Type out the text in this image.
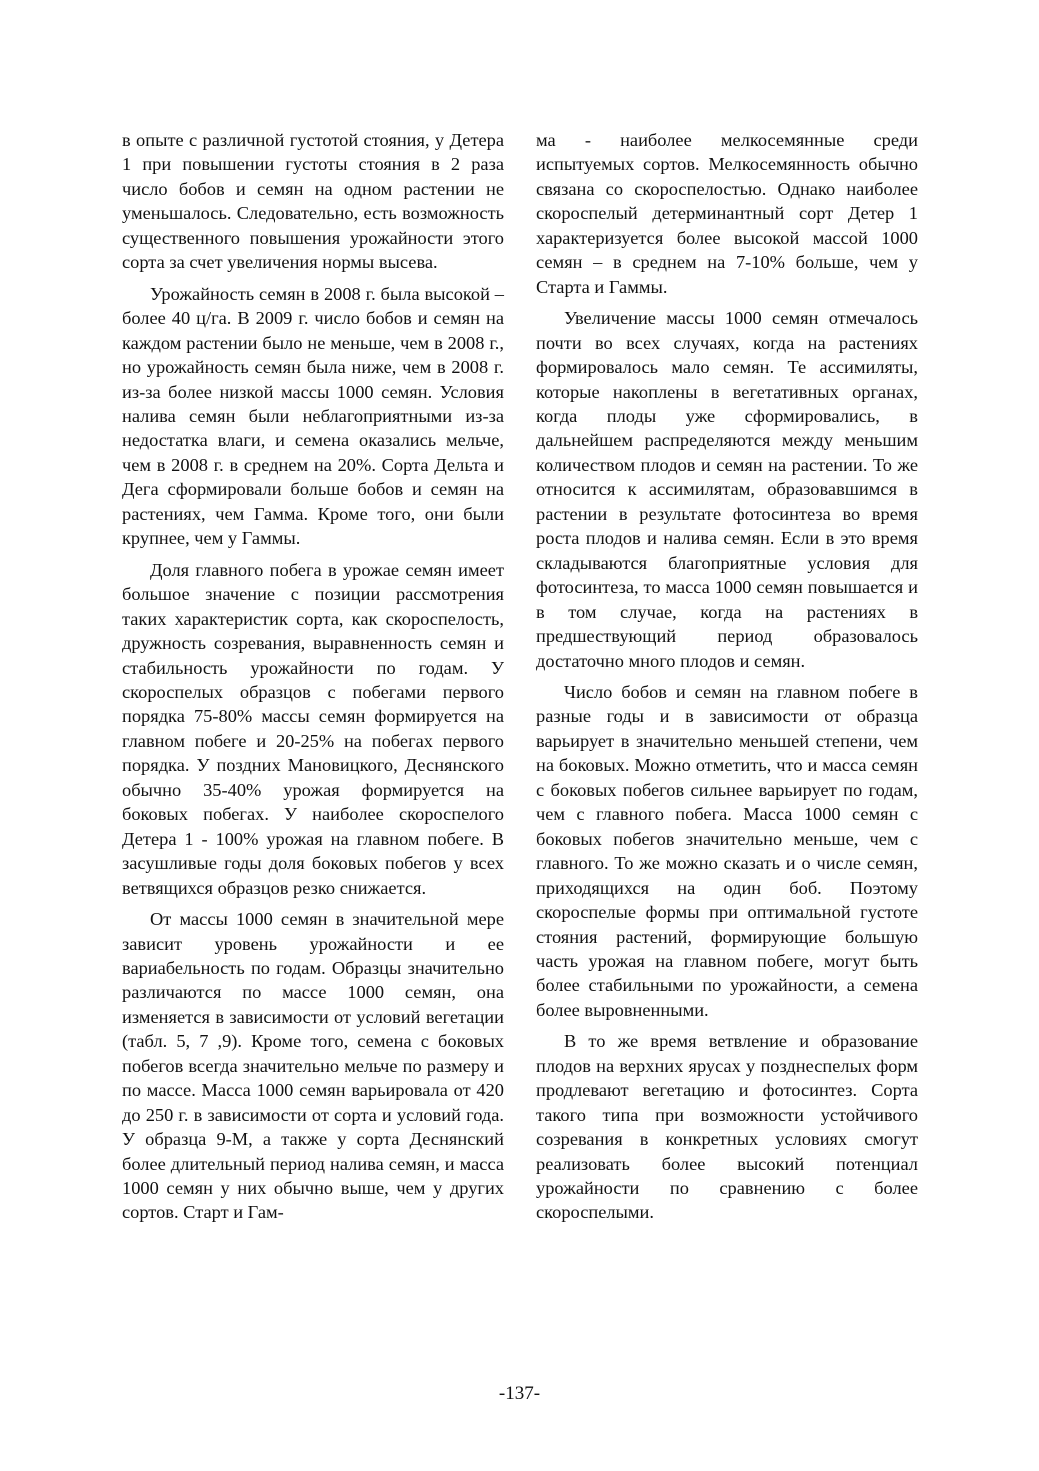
в опыте с различной густотой стояния, у Детера 1 при повышении густоты стояния в 2 раза число бобов и семян на одном растении не уменьшалось. Следовательно, есть возможность существенного повышения урожайности этого сорта за счет увеличения нормы высева.

Урожайность семян в 2008 г. была высокой – более 40 ц/га. В 2009 г. число бобов и семян на каждом растении было не меньше, чем в 2008 г., но урожайность семян была ниже, чем в 2008 г. из-за более низкой массы 1000 семян. Условия налива семян были неблагоприятными из-за недостатка влаги, и семена оказались мельче, чем в 2008 г. в среднем на 20%. Сорта Дельта и Дега сформировали больше бобов и семян на растениях, чем Гамма. Кроме того, они были крупнее, чем у Гаммы.

Доля главного побега в урожае семян имеет большое значение с позиции рассмотрения таких характеристик сорта, как скороспелость, дружность созревания, выравненность семян и стабильность урожайности по годам. У скороспелых образцов с побегами первого порядка 75-80% массы семян формируется на главном побеге и 20-25% на побегах первого порядка. У поздних Мановицкого, Деснянского обычно 35-40% урожая формируется на боковых побегах. У наиболее скороспелого Детера 1 - 100% урожая на главном побеге. В засушливые годы доля боковых побегов у всех ветвящихся образцов резко снижается.

От массы 1000 семян в значительной мере зависит уровень урожайности и ее вариабельность по годам. Образцы значительно различаются по массе 1000 семян, она изменяется в зависимости от условий вегетации (табл. 5, 7 ,9). Кроме того, семена с боковых побегов всегда значительно мельче по размеру и по массе. Масса 1000 семян варьировала от 420 до 250 г. в зависимости от сорта и условий года. У образца 9-М, а также у сорта Деснянский более длительный период налива семян, и масса 1000 семян у них обычно выше, чем у других сортов. Старт и Гам-

ма - наиболее мелкосемянные среди испытуемых сортов. Мелкосемянность обычно связана со скороспелостью. Однако наиболее скороспелый детерминантный сорт Детер 1 характеризуется более высокой массой 1000 семян – в среднем на 7-10% больше, чем у Старта и Гаммы.

Увеличение массы 1000 семян отмечалось почти во всех случаях, когда на растениях формировалось мало семян. Те ассимиляты, которые накоплены в вегетативных органах, когда плоды уже сформировались, в дальнейшем распределяются между меньшим количеством плодов и семян на растении. То же относится к ассимилятам, образовавшимся в растении в результате фотосинтеза во время роста плодов и налива семян. Если в это время складываются благоприятные условия для фотосинтеза, то масса 1000 семян повышается и в том случае, когда на растениях в предшествующий период образовалось достаточно много плодов и семян.

Число бобов и семян на главном побеге в разные годы и в зависимости от образца варьирует в значительно меньшей степени, чем на боковых. Можно отметить, что и масса семян с боковых побегов сильнее варьирует по годам, чем с главного побега. Масса 1000 семян с боковых побегов значительно меньше, чем с главного. То же можно сказать и о числе семян, приходящихся на один боб. Поэтому скороспелые формы при оптимальной густоте стояния растений, формирующие большую часть урожая на главном побеге, могут быть более стабильными по урожайности, а семена более выровненными.

В то же время ветвление и образование плодов на верхних ярусах у позднеспелых форм продлевают вегетацию и фотосинтез. Сорта такого типа при возможности устойчивого созревания в конкретных условиях смогут реализовать более высокий потенциал урожайности по сравнению с более скороспелыми.

-137-
